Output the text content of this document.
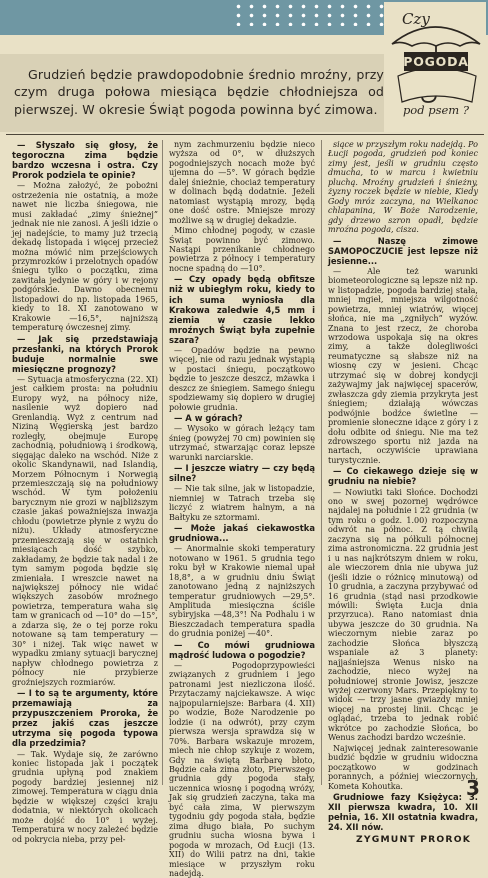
Czy
POGODA
pod psem ?
Grudzień będzie prawdopodobnie średnio mroźny, przy czym druga połowa miesiąca będzie chłodniejsza od pierwszej. W okresie Świąt pogoda powinna być zimowa.

— Słyszało się głosy, że tegoroczna zima będzie bardzo wczesna i ostra. Czy Prorok podziela te opinie?

— Można założyć, że pobożni ostrzeżenia nie ostatnią, a może nawet nie liczba śniegowa, nie musi zakładać „zimy śnieżnej” jednak nie nie zanosi. A jeśli idzie o jej nadejście, to mamy już trzecią dekadę listopada i więcej przecież można mówić nim przejściowych przymrozków i przelotnych opadów śniegu tylko o początku, zima zawitała jedynie w góry i w rejony podgórskie. Dawno obecnemu listopadowi do np. listopada 1965, kiedy to 18. XI zanotowano w Krakowie —16,5°, najniższą temperaturę ówczesnej zimy.

— Jak się przedstawiają przesłanki, na których Prorok buduje normalnie swe miesięczne prognozy?

— Sytuacja atmosferyczna (22. XI) jest całkiem prosta: na południu Europy wyż, na północy niże, nasilenie wyż dopiero nad Grenlandią. Wyż z centrum nad Niziną Węgierską jest bardzo rozległy, obejmuje Europę zachodnią, południową i środkową, sięgając daleko na wschód. Niże z okolic Skandynawii, nad Islandią, Morzem Północnym i Norwegią przemieszczają się na południowy wschód. W tym położeniu barycznym nie grozi w najbliższym czasie jakaś poważniejsza inwazja chłodu (powietrze płynie z wyżu do niżu). Układy atmosferyczne przemieszczają się w ostatnich miesiącach dość szybko, zakładamy, że będzie tak nadal i że tym samym pogoda będzie się zmieniała. I wreszcie nawet na największej północy nie widać większych zasobów mroźnego powietrza, temperatura waha się tam w granicach od —10° do —15°, a zdarza się, że o tej porze roku notowane są tam temperatury —30° i niżej. Tak więc nawet w wypadku zmiany sytuacji barycznej napływ chłodnego powietrza z północy nie przybierze groźniejszych rozmiarów.

— I to są te argumenty, które przemawiają za przypuszczeniem Proroka, że przez jakiś czas jeszcze utrzyma się pogoda typowa dla przedzimia?

— Tak. Wydaje się, że zarówno koniec listopada jak i początek grudnia upłyną pod znakiem pogody bardziej jesiennej niż zimowej. Temperatura w ciągu dnia będzie w większej części kraju dodatnia, w niektórych okolicach może dojść do 10° i wyżej. Temperatura w nocy zależeć będzie od pokrycia nieba, przy peł-

nym zachmurzeniu będzie nieco wyższa od 0°, w dłuższych pogodniejszych nocach może być ujemna do —5°. W górach będzie dalej śnieżnie, chociaż temperatury w dolinach będą dodatnie. Jeżeli natomiast wystąpią mrozy, będą one dość ostre. Mniejsze mrozy możliwe są w drugiej dekadzie.

Mimo chłodnej pogody, w czasie Świąt powinno być zimowo. Nastąpi przenikanie chłodnego powietrza z północy i temperatury nocne spadną do —10°.

— Czy opady będą obfitsze niż w ubiegłym roku, kiedy to ich suma wyniosła dla Krakowa zaledwie 4,5 mm i ziemia w czasie lekko mroźnych Świąt była zupełnie szara?

— Opadów będzie na pewno więcej, nie od razu jednak wystąpią w postaci śniegu, początkowo będzie to jeszcze deszcz, mżawka i deszcz ze śniegiem. Samego śniegu spodziewamy się dopiero w drugiej połowie grudnia.

— A w górach?

— Wysoko w górach leżący tam śnieg (powyżej 70 cm) powinien się utrzymać, stwarzając coraz lepsze warunki narciarskie.

— I jeszcze wiatry — czy będą silne?

— Nie tak silne, jak w listopadzie, niemniej w Tatrach trzeba się liczyć z wiatrem halnym, a na Bałtyku ze sztormami.

— Może jakaś ciekawostka grudniowa...

— Anormalnie skoki temperatury notowano w 1961. 5 grudnia tego roku był w Krakowie niemal upał 18,8°, a w grudniu dniu Świąt zanotowano jedną z najniższych temperatur grudniowych —29,5°. Amplituda miesięczna ściśle sybiryjska —48,3°! Na Podhalu i w Bieszczadach temperatura spadła do grudnia poniżej —40°.

— Co mówi grudniowa mądrość ludowa o pogodzie?

— Pogodoprzypowieści związanych z grudniem i jego patronami jest niezliczona ilość. Przytaczamy najciekawsze. A więc najpopularniejsze: Barbara (4. XII) po wodzie, Boże Narodzenie po lodzie (i na odwrót), przy czym pierwsza wersja sprawdza się w 70%. Barbara wskazuje mrozem, miech nie chłop szykuje z wozem, Gdy na świętą Barbarę błoto, Będzie cała zima złoto, Pierwszego grudnia gdy pogoda stały, uczennica wiosnę i pogodną wróży, Jak się grudzień zaczyna, taka ma być cała zima, W pierwszym tygodniu gdy pogoda stała, będzie zima długo biała, Po suchym grudniu sucha wiosna bywa i pogoda w mrozach, Od Łucji (13. XII) do Wilii patrz na dni, takie miesiące w przyszłym roku nadejdą.

siące w przyszłym roku nadejdą. Po Łucji pogoda, grudzień pod koniec zimy jest, jeśli w grudniu często dmucha, to w marcu i kwietniu pluchą. Mroźny grudzień i śnieżny, żyzny roczek będzie w niebie, Kiedy Gody mróz zaczyna, na Wielkanoc chlapanina, W Boże Narodzenie, gdy drzewo szron opadł, będzie mroźna pogoda, cisza.

— Naszę zimowe SAMOPOCZUCIE jest lepsze niż jesienne...

— Ale też warunki biometeorologiczne są lepsze niż np. w listopadzie, pogoda bardziej stała, mniej mgieł, mniejsza wilgotność powietrza, mniej wiatrów, więcej słońca, nie ma „zgniłych” wyżów. Znana to jest rzecz, że choroba wrzodowa uspokaja się na okres zimy, a także dolegliwości reumatyczne są słabsze niż na wiosnę czy w jesieni. Chcąc utrzymać się w dobrej kondycji zażywajmy jak najwięcej spacerów, zwłaszcza gdy ziemia przykryta jest śniegiem; działają wówczas podwójnie bodźce świetlne — promienie słoneczne idące z góry i z dołu odbite od śniegu. Nie ma też zdrowszego sportu niż jazda na nartach, oczywiście uprawiana turystycznie.

— Co ciekawego dzieje się w grudniu na niebie?

— Nowiutki taki Słońce. Dochodzi ono w swej pozornej wędrówce najdalej na południe i 22 grudnia (w tym roku o godz. 1.00) rozpoczyna odwrót na północ. Z tą chwilą zaczyna się na półkuli północnej zima astronomiczna. 22 grudnia jest i u nas najkrótszym dniem w roku, ale wieczorem dnia nie ubywa już (jeśli idzie o różnicę minutową) od 10 grudnia, a zaczyna przybywać od 16 grudnia (stąd nasi przodkowie mówili: Święta Łucja dnia przyrzuca). Rano natomiast dnia ubywa jeszcze do 30 grudnia. Na wieczornym niebie zaraz po zachodzie Słońca błyszczą wspaniale aż 3 planety: najjaśniejsza Wenus nisko na zachodzie, nieco wyżej na południowej stronie Jowisz, jeszcze wyżej czerwony Mars. Przepiękny to widok — trzy jasne gwiazdy mniej więcej na prostej linii. Chcąc je oglądać, trzeba to jednak robić wkrótce po zachodzie Słońca, bo Wenus zachodzi bardzo wcześnie.

Najwięcej jednak zainteresowanie budzić będzie w grudniu widoczna początkowo w godzinach porannych, a później wieczornych, Kometa Kohoutka.

Grudniowe fazy Księżyca: 3. XII pierwsza kwadra, 10. XII pełnia, 16. XII ostatnia kwadra, 24. XII nów.

ZYGMUNT PROROK

3
